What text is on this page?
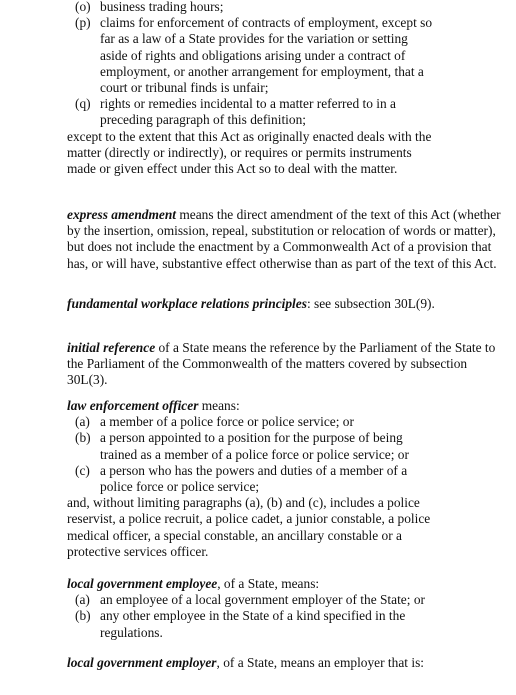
(o) business trading hours;

(p) claims for enforcement of contracts of employment, except so far as a law of a State provides for the variation or setting aside of rights and obligations arising under a contract of employment, or another arrangement for employment, that a court or tribunal finds is unfair;

(q) rights or remedies incidental to a matter referred to in a preceding paragraph of this definition;

except to the extent that this Act as originally enacted deals with the matter (directly or indirectly), or requires or permits instruments made or given effect under this Act so to deal with the matter.

express amendment means the direct amendment of the text of this Act (whether by the insertion, omission, repeal, substitution or relocation of words or matter), but does not include the enactment by a Commonwealth Act of a provision that has, or will have, substantive effect otherwise than as part of the text of this Act.

fundamental workplace relations principles: see subsection 30L(9).

initial reference of a State means the reference by the Parliament of the State to the Parliament of the Commonwealth of the matters covered by subsection 30L(3).

law enforcement officer means:

(a) a member of a police force or police service; or

(b) a person appointed to a position for the purpose of being trained as a member of a police force or police service; or

(c) a person who has the powers and duties of a member of a police force or police service;

and, without limiting paragraphs (a), (b) and (c), includes a police reservist, a police recruit, a police cadet, a junior constable, a police medical officer, a special constable, an ancillary constable or a protective services officer.

local government employee, of a State, means:

(a) an employee of a local government employer of the State; or

(b) any other employee in the State of a kind specified in the regulations.

local government employer, of a State, means an employer that is:
